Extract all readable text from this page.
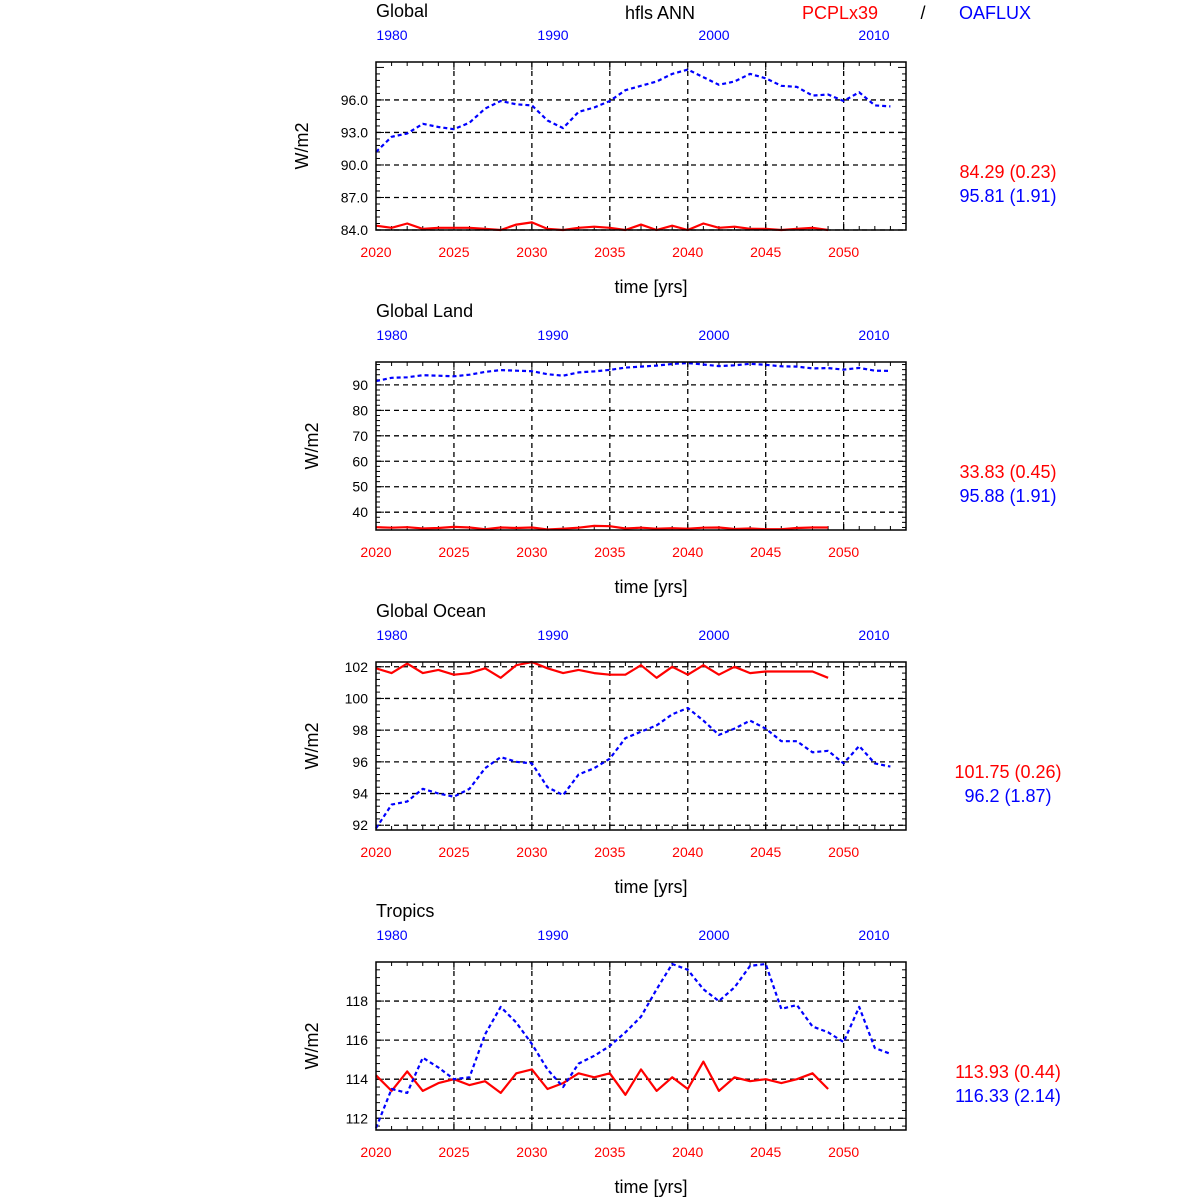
hfls ANN	PCPLx39 / OAFLUX
Global
1980	1990	2000	2010
84.0
87.0
90.0
93.0
96.0
2020	2025	2030	2035	2040	2045	2050
time [yrs]
W/m2
84.29 (0.23)
95.81 (1.91)
Global Land
1980	1990	2000	2010
40
50
60
70
80
90
2020	2025	2030	2035	2040	2045	2050
time [yrs]
W/m2
33.83 (0.45)
95.88 (1.91)
Global Ocean
1980	1990	2000	2010
92
94
96
98
100
102
2020	2025	2030	2035	2040	2045	2050
time [yrs]
W/m2
101.75 (0.26)
96.2 (1.87)
Tropics
1980	1990	2000	2010
112
114
116
118
2020	2025	2030	2035	2040	2045	2050
time [yrs]
W/m2
113.93 (0.44)
116.33 (2.14)
